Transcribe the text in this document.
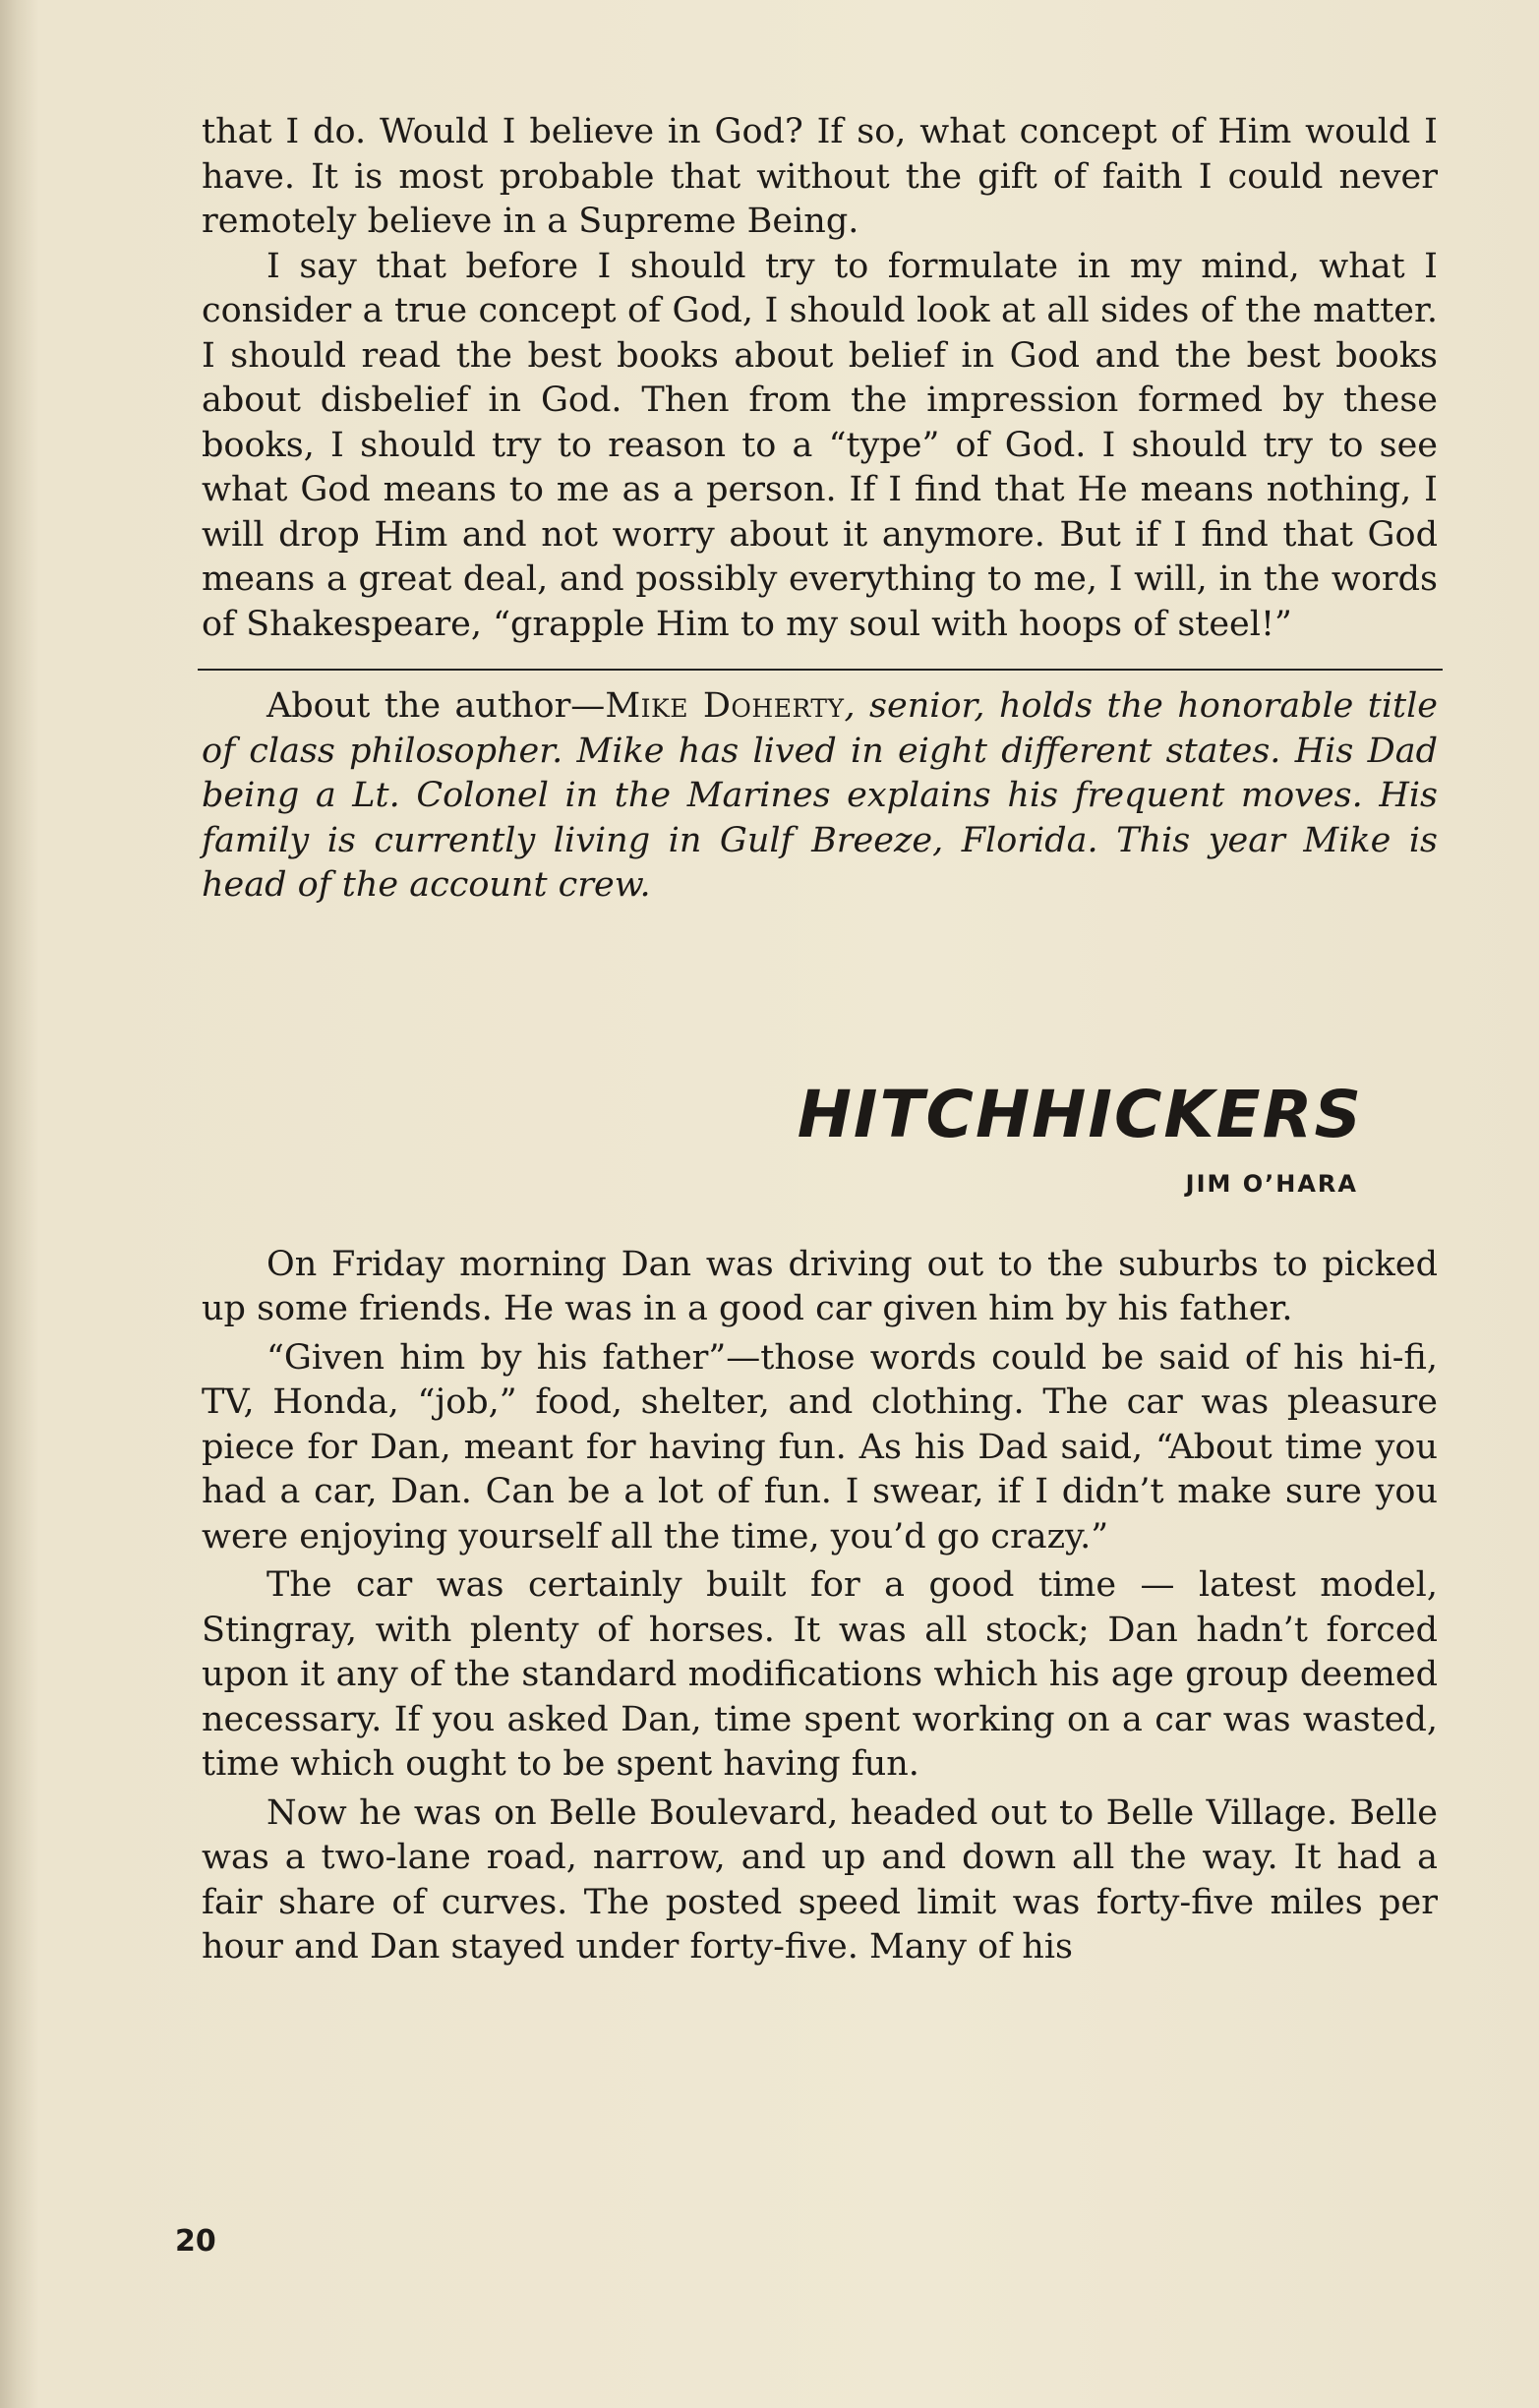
that I do. Would I believe in God? If so, what concept of Him would I have. It is most probable that without the gift of faith I could never remotely believe in a Supreme Being.

I say that before I should try to formulate in my mind, what I consider a true concept of God, I should look at all sides of the matter. I should read the best books about belief in God and the best books about disbelief in God. Then from the impression formed by these books, I should try to reason to a “type” of God. I should try to see what God means to me as a person. If I find that He means nothing, I will drop Him and not worry about it anymore. But if I find that God means a great deal, and possibly everything to me, I will, in the words of Shakespeare, “grapple Him to my soul with hoops of steel!”

About the author—Mike Doherty, senior, holds the honorable title of class philosopher. Mike has lived in eight different states. His Dad being a Lt. Colonel in the Marines explains his frequent moves. His family is currently living in Gulf Breeze, Florida. This year Mike is head of the account crew.

HITCHHICKERS
JIM O’HARA

On Friday morning Dan was driving out to the suburbs to picked up some friends. He was in a good car given him by his father.

“Given him by his father”—those words could be said of his hi-fi, TV, Honda, “job,” food, shelter, and clothing. The car was pleasure piece for Dan, meant for having fun. As his Dad said, “About time you had a car, Dan. Can be a lot of fun. I swear, if I didn’t make sure you were enjoying yourself all the time, you’d go crazy.”

The car was certainly built for a good time — latest model, Stingray, with plenty of horses. It was all stock; Dan hadn’t forced upon it any of the standard modifications which his age group deemed necessary. If you asked Dan, time spent working on a car was wasted, time which ought to be spent having fun.

Now he was on Belle Boulevard, headed out to Belle Village. Belle was a two-lane road, narrow, and up and down all the way. It had a fair share of curves. The posted speed limit was forty-five miles per hour and Dan stayed under forty-five. Many of his

20
